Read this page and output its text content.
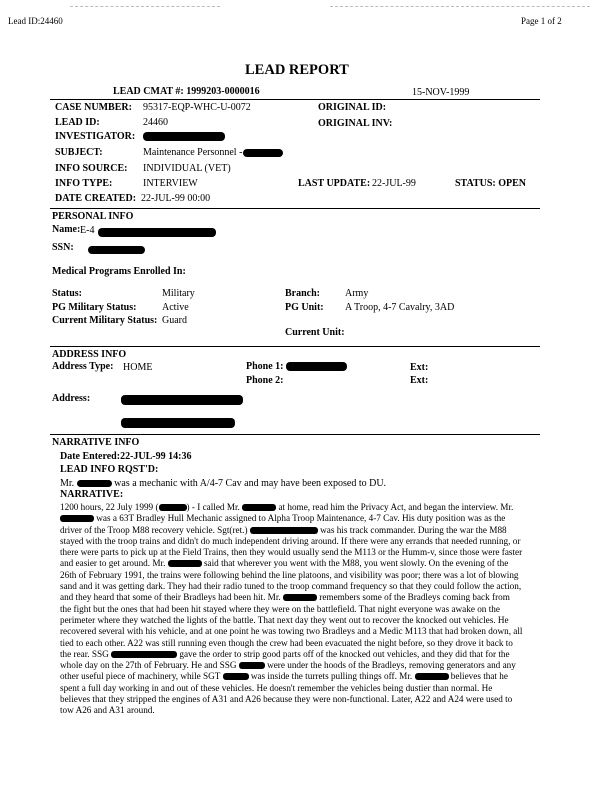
Lead ID:24460	Page 1 of 2
LEAD REPORT
LEAD CMAT #: 1999203-0000016	15-NOV-1999
CASE NUMBER: 95317-EQP-WHC-U-0072	ORIGINAL ID:
LEAD ID:	24460	ORIGINAL INV:
INVESTIGATOR:
SUBJECT:	Maintenance Personnel -
INFO SOURCE: INDIVIDUAL (VET)
INFO TYPE:	INTERVIEW	LAST UPDATE: 22-JUL-99	STATUS: OPEN
DATE CREATED: 22-JUL-99 00:00
PERSONAL INFO
Name: E-4
SSN:
Medical Programs Enrolled In:
Status:	Military	Branch:	Army
PG Military Status:	Active	PG Unit: A Troop, 4-7 Cavalry, 3AD
Current Military Status: Guard
Current Unit:
ADDRESS INFO
Address Type: HOME	Phone 1:	Ext:
Phone 2:	Ext:
Address:
NARRATIVE INFO
Date Entered:22-JUL-99 14:36
LEAD INFO RQST'D:
Mr.	was a mechanic with A/4-7 Cav and may have been exposed to DU.
NARRATIVE:
1200 hours, 22 July 1999 (	) - I called Mr.	at home, read him the Privacy Act, and began the interview. Mr.  was a 63T Bradley Hull Mechanic assigned to Alpha Troop Maintenance, 4-7 Cav. His duty position was as the driver of the Troop M88 recovery vehicle. Sgt(ret.)	was his track commander. During the war the M88 stayed with the troop trains and didn't do much independent driving around. If there were any errands that needed running, or there were parts to pick up at the Field Trains, then they would usually send the M113 or the Humm-v, since those were faster and easier to get around. Mr.	said that wherever you went with the M88, you went slowly. On the evening of the 26th of February 1991, the trains were following behind the line platoons, and visibility was poor; there was a lot of blowing sand and it was getting dark. They had their radio tuned to the troop command frequency so that they could follow the action, and they heard that some of their Bradleys had been hit. Mr.	remembers some of the Bradleys coming back from the fight but the ones that had been hit stayed where they were on the battlefield. That night everyone was awake on the perimeter where they watched the lights of the battle. That next day they went out to recover the knocked out vehicles. He recovered several with his vehicle, and at one point he was towing two Bradleys and a Medic M113 that had broken down, all tied to each other. A22 was still running even though the crew had been evacuated the night before, so they drove it back to the rear. SSG	gave the order to strip good parts off of the knocked out vehicles, and they did that for the whole day on the 27th of February. He and SSG	were under the hoods of the Bradleys, removing generators and any other useful piece of machinery, while SGT	was inside the turrets pulling things off. Mr.	believes that he spent a full day working in and out of these vehicles. He doesn't remember the vehicles being dustier than normal. He believes that they stripped the engines of A31 and A26 because they were non-functional. Later, A22 and A24 were used to tow A26 and A31 around.
